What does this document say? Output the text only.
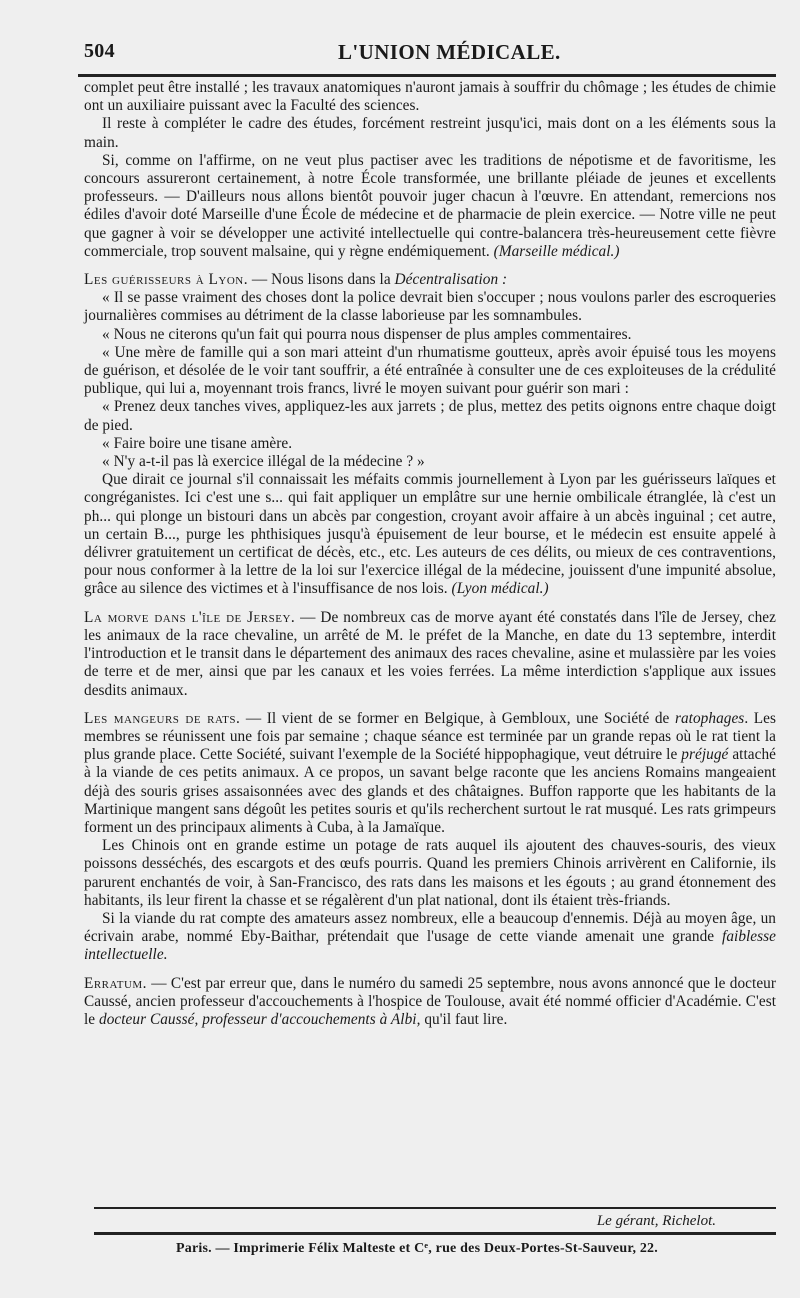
504	L'UNION MÉDICALE.

complet peut être installé ; les travaux anatomiques n'auront jamais à souffrir du chômage ; les études de chimie ont un auxiliaire puissant avec la Faculté des sciences.

Il reste à compléter le cadre des études, forcément restreint jusqu'ici, mais dont on a les éléments sous la main.

Si, comme on l'affirme, on ne veut plus pactiser avec les traditions de népotisme et de favoritisme, les concours assureront certainement, à notre École transformée, une brillante pléiade de jeunes et excellents professeurs. — D'ailleurs nous allons bientôt pouvoir juger chacun à l'œuvre. En attendant, remercions nos édiles d'avoir doté Marseille d'une École de médecine et de pharmacie de plein exercice. — Notre ville ne peut que gagner à voir se développer une activité intellectuelle qui contre-balancera très-heureusement cette fièvre commerciale, trop souvent malsaine, qui y règne endémiquement. (Marseille médical.)

Les guérisseurs à Lyon. — Nous lisons dans la Décentralisation :

« Il se passe vraiment des choses dont la police devrait bien s'occuper ; nous voulons parler des escroqueries journalières commises au détriment de la classe laborieuse par les somnambules.

« Nous ne citerons qu'un fait qui pourra nous dispenser de plus amples commentaires.

« Une mère de famille qui a son mari atteint d'un rhumatisme goutteux, après avoir épuisé tous les moyens de guérison, et désolée de le voir tant souffrir, a été entraînée à consulter une de ces exploiteuses de la crédulité publique, qui lui a, moyennant trois francs, livré le moyen suivant pour guérir son mari :

« Prenez deux tanches vives, appliquez-les aux jarrets ; de plus, mettez des petits oignons entre chaque doigt de pied.

« Faire boire une tisane amère.

« N'y a-t-il pas là exercice illégal de la médecine ? »

Que dirait ce journal s'il connaissait les méfaits commis journellement à Lyon par les guérisseurs laïques et congréganistes. Ici c'est une s... qui fait appliquer un emplâtre sur une hernie ombilicale étranglée, là c'est un ph... qui plonge un bistouri dans un abcès par congestion, croyant avoir affaire à un abcès inguinal ; cet autre, un certain B..., purge les phthisiques jusqu'à épuisement de leur bourse, et le médecin est ensuite appelé à délivrer gratuitement un certificat de décès, etc., etc. Les auteurs de ces délits, ou mieux de ces contraventions, pour nous conformer à la lettre de la loi sur l'exercice illégal de la médecine, jouissent d'une impunité absolue, grâce au silence des victimes et à l'insuffisance de nos lois. (Lyon médical.)

La morve dans l'île de Jersey. — De nombreux cas de morve ayant été constatés dans l'île de Jersey, chez les animaux de la race chevaline, un arrêté de M. le préfet de la Manche, en date du 13 septembre, interdit l'introduction et le transit dans le département des animaux des races chevaline, asine et mulassière par les voies de terre et de mer, ainsi que par les canaux et les voies ferrées. La même interdiction s'applique aux issues desdits animaux.

Les mangeurs de rats. — Il vient de se former en Belgique, à Gembloux, une Société de ratophages. Les membres se réunissent une fois par semaine ; chaque séance est terminée par un grande repas où le rat tient la plus grande place. Cette Société, suivant l'exemple de la Société hippophagique, veut détruire le préjugé attaché à la viande de ces petits animaux. A ce propos, un savant belge raconte que les anciens Romains mangeaient déjà des souris grises assaisonnées avec des glands et des châtaignes. Buffon rapporte que les habitants de la Martinique mangent sans dégoût les petites souris et qu'ils recherchent surtout le rat musqué. Les rats grimpeurs forment un des principaux aliments à Cuba, à la Jamaïque.

Les Chinois ont en grande estime un potage de rats auquel ils ajoutent des chauves-souris, des vieux poissons desséchés, des escargots et des œufs pourris. Quand les premiers Chinois arrivèrent en Californie, ils parurent enchantés de voir, à San-Francisco, des rats dans les maisons et les égouts ; au grand étonnement des habitants, ils leur firent la chasse et se régalèrent d'un plat national, dont ils étaient très-friands.

Si la viande du rat compte des amateurs assez nombreux, elle a beaucoup d'ennemis. Déjà au moyen âge, un écrivain arabe, nommé Eby-Baithar, prétendait que l'usage de cette viande amenait une grande faiblesse intellectuelle.

Erratum. — C'est par erreur que, dans le numéro du samedi 25 septembre, nous avons annoncé que le docteur Caussé, ancien professeur d'accouchements à l'hospice de Toulouse, avait été nommé officier d'Académie. C'est le docteur Caussé, professeur d'accouchements à Albi, qu'il faut lire.

Le gérant, Richelot.
Paris. — Imprimerie Félix Malteste et Cᵉ, rue des Deux-Portes-St-Sauveur, 22.
